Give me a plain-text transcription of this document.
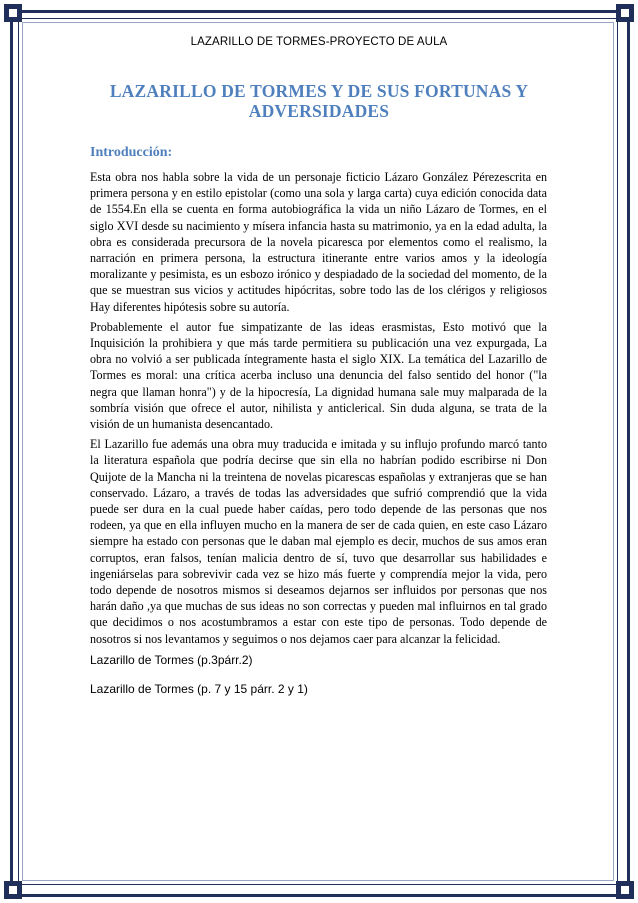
LAZARILLO DE TORMES-PROYECTO DE AULA
LAZARILLO DE TORMES Y DE SUS FORTUNAS Y ADVERSIDADES
Introducción:

Esta obra nos habla sobre la vida de un personaje ficticio Lázaro González Pérezescrita en primera persona y en estilo epistolar (como una sola y larga carta) cuya edición conocida data de 1554.En ella se cuenta en forma autobiográfica la vida un niño Lázaro de Tormes, en el siglo XVI desde su nacimiento y mísera infancia hasta su matrimonio, ya en la edad adulta, la obra es considerada precursora de la novela picaresca por elementos como el realismo, la narración en primera persona, la estructura itinerante entre varios amos y la ideología moralizante y pesimista, es un esbozo irónico y despiadado de la sociedad del momento, de la que se muestran sus vicios y actitudes hipócritas, sobre todo las de los clérigos y religiosos Hay diferentes hipótesis sobre su autoría.

Probablemente el autor fue simpatizante de las ideas erasmistas, Esto motivó que la Inquisición la prohibiera y que más tarde permitiera su publicación una vez expurgada, La obra no volvió a ser publicada íntegramente hasta el siglo XIX. La temática del Lazarillo de Tormes es moral: una crítica acerba incluso una denuncia del falso sentido del honor ("la negra que llaman honra") y de la hipocresía, La dignidad humana sale muy malparada de la sombría visión que ofrece el autor, nihilista y anticlerical. Sin duda alguna, se trata de la visión de un humanista desencantado.

El Lazarillo fue además una obra muy traducida e imitada y su influjo profundo marcó tanto la literatura española que podría decirse que sin ella no habrían podido escribirse ni Don Quijote de la Mancha ni la treintena de novelas picarescas españolas y extranjeras que se han conservado. Lázaro, a través de todas las adversidades que sufrió comprendió que la vida puede ser dura en la cual puede haber caídas, pero todo depende de las personas que nos rodeen, ya que en ella influyen mucho en la manera de ser de cada quien, en este caso Lázaro siempre ha estado con personas que le daban mal ejemplo es decir, muchos de sus amos eran corruptos, eran falsos, tenían malicia dentro de sí, tuvo que desarrollar sus habilidades e ingeniárselas para sobrevivir cada vez se hizo más fuerte y comprendía mejor la vida, pero todo depende de nosotros mismos si deseamos dejarnos ser influidos por personas que nos harán daño ,ya que muchas de sus ideas no son correctas y pueden mal influirnos en tal grado que decidimos o nos acostumbramos a estar con este tipo de personas. Todo depende de nosotros si nos levantamos y seguimos o nos dejamos caer para alcanzar la felicidad.

Lazarillo de Tormes (p.3párr.2)

Lazarillo de Tormes (p. 7 y 15 párr. 2 y 1)
